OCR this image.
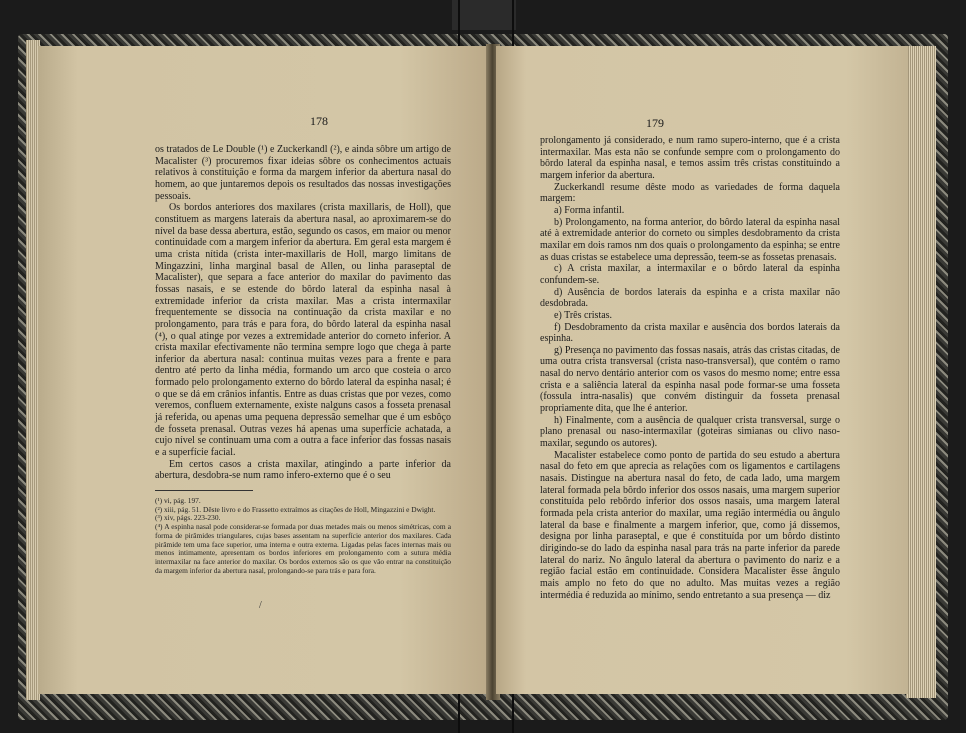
178

os tratados de Le Double (¹) e Zuckerkandl (²), e ainda sôbre um artigo de Macalister (³) procuremos fixar ideias sôbre os conhecimentos actuais relativos à constituição e forma da margem inferior da abertura nasal do homem, ao que juntaremos depois os resultados das nossas investigações pessoais.

Os bordos anteriores dos maxilares (crista maxillaris, de Holl), que constituem as margens laterais da abertura nasal, ao aproximarem-se do nível da base dessa abertura, estão, segundo os casos, em maior ou menor continuidade com a margem inferior da abertura. Em geral esta margem é uma crista nítida (crista inter-maxillaris de Holl, margo limitans de Mingazzini, linha marginal basal de Allen, ou linha paraseptal de Macalister), que separa a face anterior do maxilar do pavimento das fossas nasais, e se estende do bôrdo lateral da espinha nasal à extremidade inferior da crista maxilar. Mas a crista intermaxilar frequentemente se dissocia na continuação da crista maxilar e no prolongamento, para trás e para fora, do bôrdo lateral da espinha nasal (⁴), o qual atinge por vezes a extremidade anterior do corneto inferior. A crista maxilar efectivamente não termina sempre logo que chega à parte inferior da abertura nasal: continua muitas vezes para a frente e para dentro até perto da linha média, formando um arco que costeia o arco formado pelo prolongamento externo do bôrdo lateral da espinha nasal; é o que se dá em crânios infantis. Entre as duas cristas que por vezes, como veremos, confluem externamente, existe nalguns casos a fosseta prenasal já referida, ou apenas uma pequena depressão semelhar que é um esbôço de fosseta prenasal. Outras vezes há apenas uma superfície achatada, a cujo nível se continuam uma com a outra a face inferior das fossas nasais e a superfície facial.

Em certos casos a crista maxilar, atingindo a parte inferior da abertura, desdobra-se num ramo infero-externo que é o seu

(¹) vi, pág. 197.

(²) xiii, pág. 51. Dêste livro e do Frassetto extraímos as citações de Holl, Mingazzini e Dwight.

(³) xiv, págs. 223-230.

(⁴) A espinha nasal pode considerar-se formada por duas metades mais ou menos simétricas, com a forma de pirâmides triangulares, cujas bases assentam na superfície anterior dos maxilares. Cada pirâmide tem uma face superior, uma interna e outra externa. Ligadas pelas faces internas mais ou menos intimamente, apresentam os bordos inferiores em prolongamento com a sutura média intermaxilar na face anterior do maxilar. Os bordos externos são os que vão entrar na constituição da margem inferior da abertura nasal, prolongando-se para trás e para fora.

/
179

prolongamento já considerado, e num ramo supero-interno, que é a crista intermaxilar. Mas esta não se confunde sempre com o prolongamento do bôrdo lateral da espinha nasal, e temos assim três cristas constituindo a margem inferior da abertura.

Zuckerkandl resume dêste modo as variedades de forma daquela margem:

a) Forma infantil.

b) Prolongamento, na forma anterior, do bôrdo lateral da espinha nasal até à extremidade anterior do corneto ou simples desdobramento da crista maxilar em dois ramos nm dos quais o prolongamento da espinha; se entre as duas cristas se estabelece uma depressão, teem-se as fossetas prenasais.

c) A crista maxilar, a intermaxilar e o bôrdo lateral da espinha confundem-se.

d) Ausência de bordos laterais da espinha e a crista maxilar não desdobrada.

e) Três cristas.

f) Desdobramento da crista maxilar e ausência dos bordos laterais da espinha.

g) Presença no pavimento das fossas nasais, atrás das cristas citadas, de uma outra crista transversal (crista naso-transversal), que contém o ramo nasal do nervo dentário anterior com os vasos do mesmo nome; entre essa crista e a saliência lateral da espinha nasal pode formar-se uma fosseta (fossula intra-nasalis) que convém distinguir da fosseta prenasal propriamente dita, que lhe é anterior.

h) Finalmente, com a ausência de qualquer crista transversal, surge o plano prenasal ou naso-intermaxilar (goteiras simianas ou clivo naso-maxilar, segundo os autores).

Macalister estabelece como ponto de partida do seu estudo a abertura nasal do feto em que aprecia as relações com os ligamentos e cartilagens nasais. Distingue na abertura nasal do feto, de cada lado, uma margem lateral formada pela bôrdo inferior dos ossos nasais, uma margem superior constituída pelo rebôrdo inferior dos ossos nasais, uma margem lateral formada pela crista anterior do maxilar, uma região intermédia ou ângulo lateral da base e finalmente a margem inferior, que, como já dissemos, designa por linha paraseptal, e que é constituída por um bôrdo distinto dirigindo-se do lado da espinha nasal para trás na parte inferior da parede lateral do nariz. No ângulo lateral da abertura o pavimento do nariz e a região facial estão em continuidade. Considera Macalister êsse ângulo mais amplo no feto do que no adulto. Mas muitas vezes a região intermédia é reduzida ao mínimo, sendo entretanto a sua presença — diz
